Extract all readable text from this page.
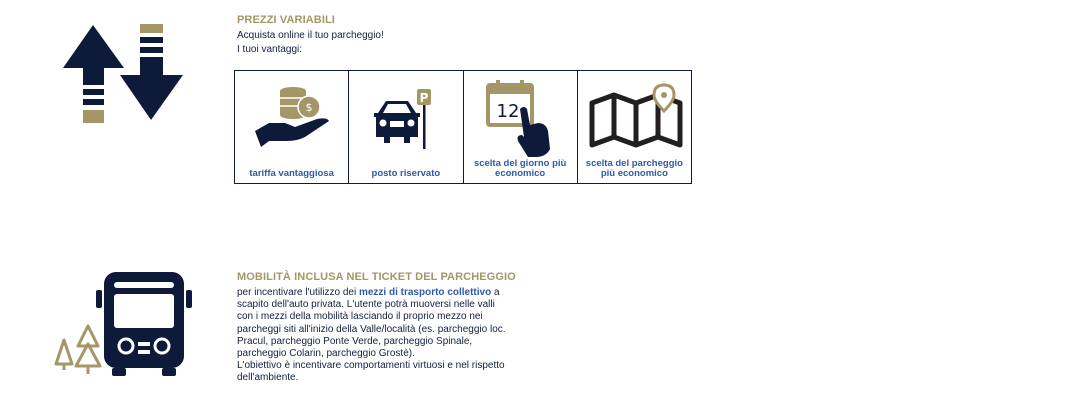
PREZZI VARIABILI
Acquista online il tuo parcheggio!
I tuoi vantaggi:
$
tariffa vantaggiosa
P
posto riservato
12
scelta del giorno più economico
scelta del parcheggio più economico
MOBILITÀ INCLUSA NEL TICKET DEL PARCHEGGIO
per incentivare l'utilizzo dei mezzi di trasporto collettivo a
scapito dell'auto privata. L'utente potrà muoversi nelle valli
con i mezzi della mobilità lasciando il proprio mezzo nei
parcheggi siti all'inizio della Valle/località (es. parcheggio loc.
Pracul, parcheggio Ponte Verde, parcheggio Spinale,
parcheggio Colarin, parcheggio Grostè).
L'obiettivo è incentivare comportamenti virtuosi e nel rispetto
dell'ambiente.
